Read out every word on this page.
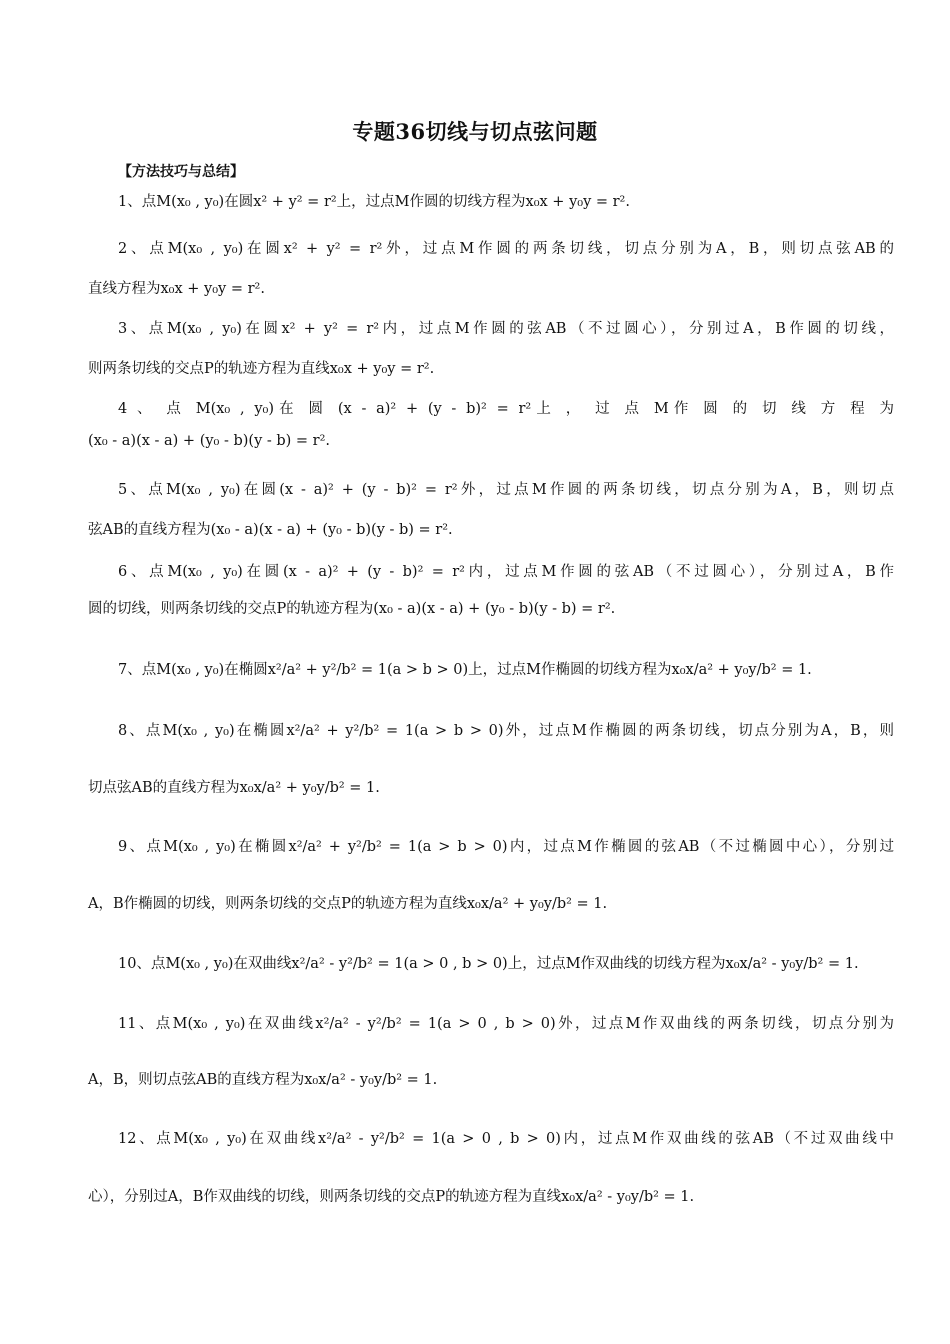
专题36切线与切点弦问题
【方法技巧与总结】
1、点M(x₀ , y₀)在圆x² + y² = r²上，过点M作圆的切线方程为x₀x + y₀y = r².
2、点M(x₀ , y₀)在圆x² + y² = r²外，过点M作圆的两条切线，切点分别为A，B，则切点弦AB的
直线方程为x₀x + y₀y = r².
3、点M(x₀ , y₀)在圆x² + y² = r²内，过点M作圆的弦AB（不过圆心），分别过A，B作圆的切线，
则两条切线的交点P的轨迹方程为直线x₀x + y₀y = r².
4 、 点 M(x₀ , y₀)在 圆 (x - a)² + (y - b)² = r²上 ， 过 点 M作 圆 的 切 线 方 程 为
(x₀ - a)(x - a) + (y₀ - b)(y - b) = r².
5、点M(x₀ , y₀)在圆(x - a)² + (y - b)² = r²外，过点M作圆的两条切线，切点分别为A，B，则切点
弦AB的直线方程为(x₀ - a)(x - a) + (y₀ - b)(y - b) = r².
6、点M(x₀ , y₀)在圆(x - a)² + (y - b)² = r²内，过点M作圆的弦AB（不过圆心），分别过A，B作
圆的切线，则两条切线的交点P的轨迹方程为(x₀ - a)(x - a) + (y₀ - b)(y - b) = r².
7、点M(x₀ , y₀)在椭圆x²/a² + y²/b² = 1(a > b > 0)上，过点M作椭圆的切线方程为x₀x/a² + y₀y/b² = 1.
8、点M(x₀ , y₀)在椭圆x²/a² + y²/b² = 1(a > b > 0)外，过点M作椭圆的两条切线，切点分别为A，B，则
切点弦AB的直线方程为x₀x/a² + y₀y/b² = 1.
9、点M(x₀ , y₀)在椭圆x²/a² + y²/b² = 1(a > b > 0)内，过点M作椭圆的弦AB（不过椭圆中心），分别过
A，B作椭圆的切线，则两条切线的交点P的轨迹方程为直线x₀x/a² + y₀y/b² = 1.
10、点M(x₀ , y₀)在双曲线x²/a² - y²/b² = 1(a > 0 , b > 0)上，过点M作双曲线的切线方程为x₀x/a² - y₀y/b² = 1.
11、点M(x₀ , y₀)在双曲线x²/a² - y²/b² = 1(a > 0 , b > 0)外，过点M作双曲线的两条切线，切点分别为
A，B，则切点弦AB的直线方程为x₀x/a² - y₀y/b² = 1.
12、点M(x₀ , y₀)在双曲线x²/a² - y²/b² = 1(a > 0 , b > 0)内，过点M作双曲线的弦AB（不过双曲线中
心），分别过A，B作双曲线的切线，则两条切线的交点P的轨迹方程为直线x₀x/a² - y₀y/b² = 1.
